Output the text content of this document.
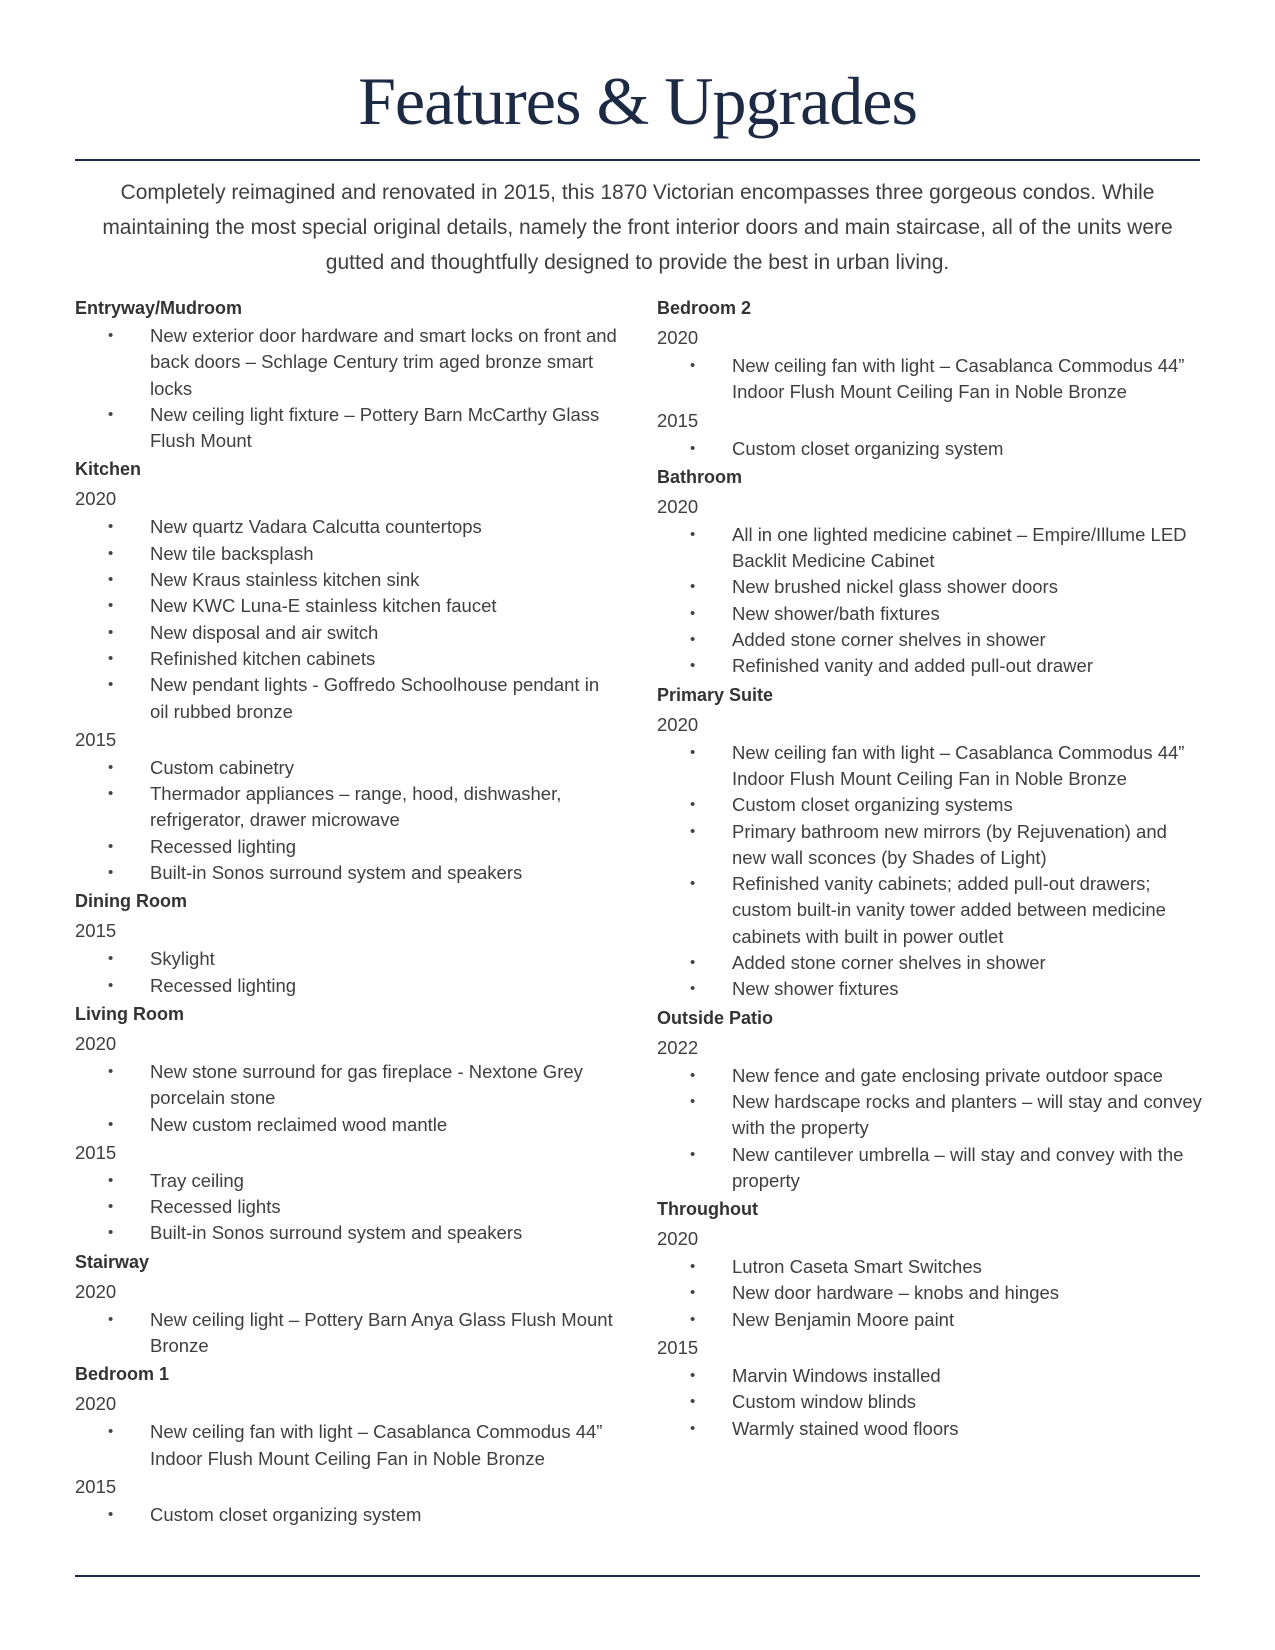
Features & Upgrades

Completely reimagined and renovated in 2015, this 1870 Victorian encompasses three gorgeous condos. While maintaining the most special original details, namely the front interior doors and main staircase, all of the units were gutted and thoughtfully designed to provide the best in urban living.

Entryway/Mudroom
• New exterior door hardware and smart locks on front and back doors – Schlage Century trim aged bronze smart locks
• New ceiling light fixture – Pottery Barn McCarthy Glass Flush Mount
Kitchen
2020
• New quartz Vadara Calcutta countertops
• New tile backsplash
• New Kraus stainless kitchen sink
• New KWC Luna-E stainless kitchen faucet
• New disposal and air switch
• Refinished kitchen cabinets
• New pendant lights - Goffredo Schoolhouse pendant in oil rubbed bronze
2015
• Custom cabinetry
• Thermador appliances – range, hood, dishwasher, refrigerator, drawer microwave
• Recessed lighting
• Built-in Sonos surround system and speakers
Dining Room
2015
• Skylight
• Recessed lighting
Living Room
2020
• New stone surround for gas fireplace - Nextone Grey porcelain stone
• New custom reclaimed wood mantle
2015
• Tray ceiling
• Recessed lights
• Built-in Sonos surround system and speakers
Stairway
2020
• New ceiling light – Pottery Barn Anya Glass Flush Mount Bronze
Bedroom 1
2020
• New ceiling fan with light – Casablanca Commodus 44” Indoor Flush Mount Ceiling Fan in Noble Bronze
2015
• Custom closet organizing system
Bedroom 2
2020
• New ceiling fan with light – Casablanca Commodus 44” Indoor Flush Mount Ceiling Fan in Noble Bronze
2015
• Custom closet organizing system
Bathroom
2020
• All in one lighted medicine cabinet – Empire/Illume LED Backlit Medicine Cabinet
• New brushed nickel glass shower doors
• New shower/bath fixtures
• Added stone corner shelves in shower
• Refinished vanity and added pull-out drawer
Primary Suite
2020
• New ceiling fan with light – Casablanca Commodus 44” Indoor Flush Mount Ceiling Fan in Noble Bronze
• Custom closet organizing systems
• Primary bathroom new mirrors (by Rejuvenation) and new wall sconces (by Shades of Light)
• Refinished vanity cabinets; added pull-out drawers; custom built-in vanity tower added between medicine cabinets with built in power outlet
• Added stone corner shelves in shower
• New shower fixtures
Outside Patio
2022
• New fence and gate enclosing private outdoor space
• New hardscape rocks and planters – will stay and convey with the property
• New cantilever umbrella – will stay and convey with the property
Throughout
2020
• Lutron Caseta Smart Switches
• New door hardware – knobs and hinges
• New Benjamin Moore paint
2015
• Marvin Windows installed
• Custom window blinds
• Warmly stained wood floors
